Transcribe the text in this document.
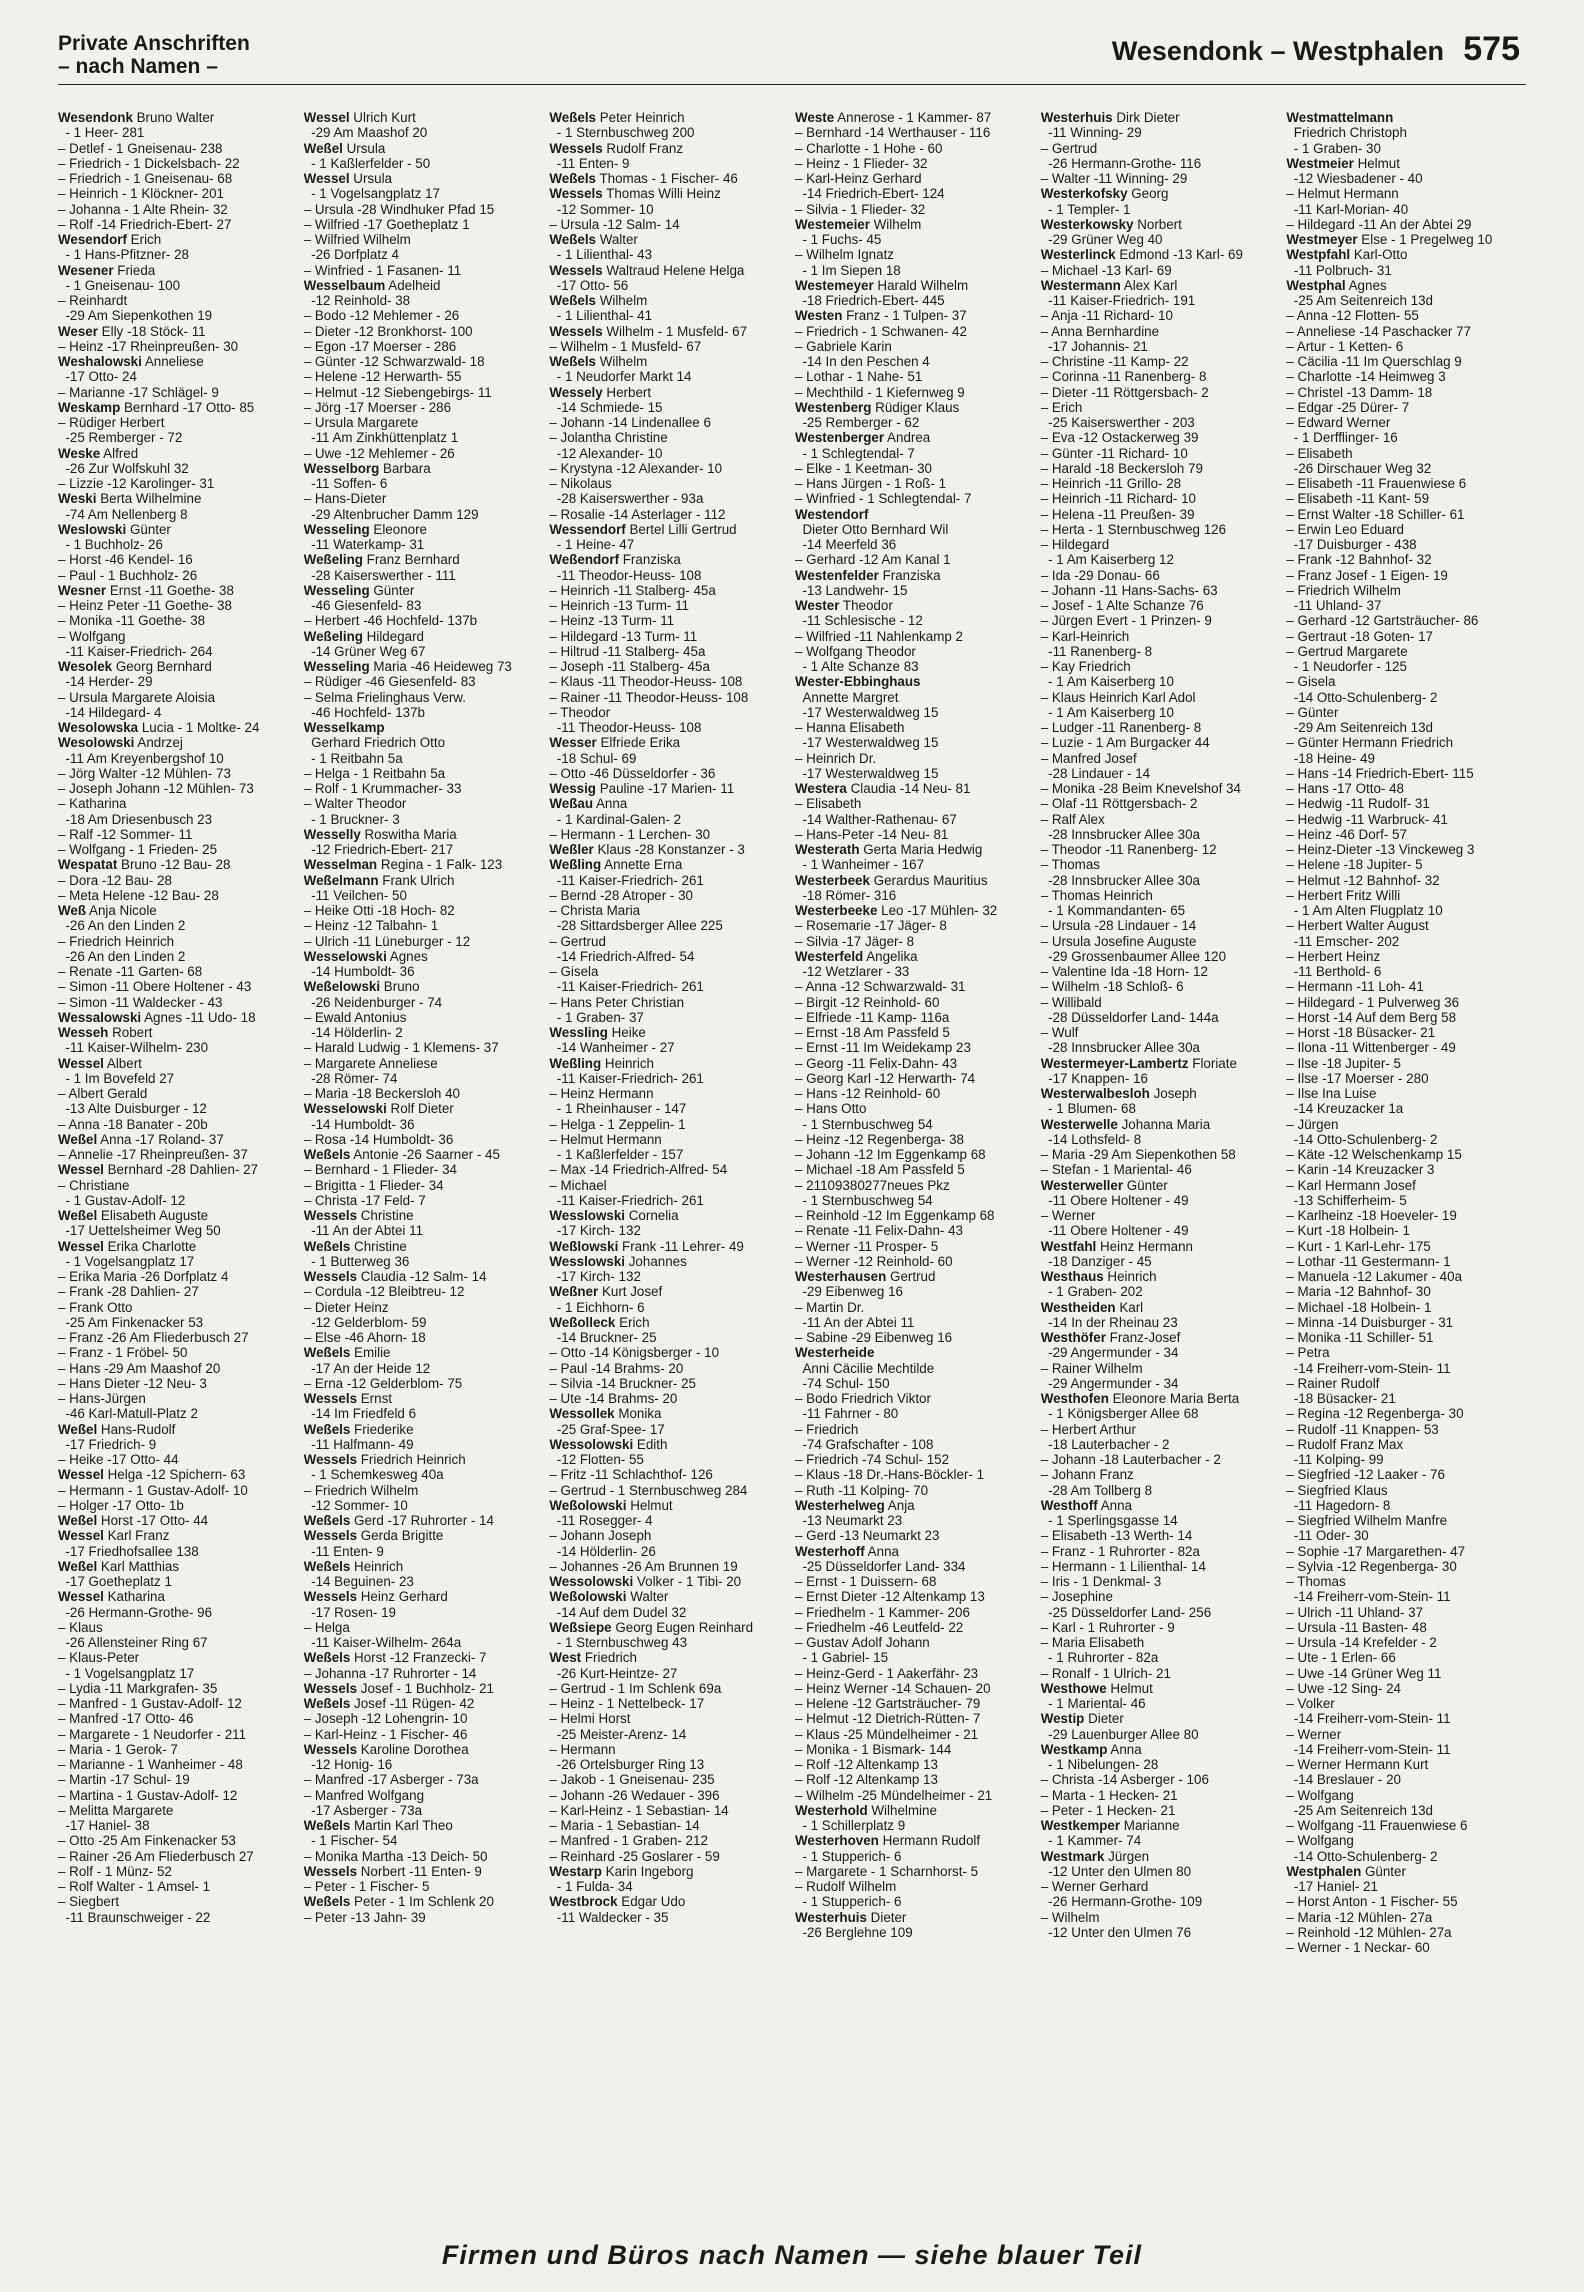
Private Anschriften
– nach Namen –
Wesendonk – Westphalen 575
Wesendonk Bruno Walter
- 1 Heer- 281
– Detlef - 1 Gneisenau- 238
– Friedrich - 1 Dickelsbach- 22
– Friedrich - 1 Gneisenau- 68
– Heinrich - 1 Klöckner- 201
– Johanna - 1 Alte Rhein- 32
– Rolf -14 Friedrich-Ebert- 27
Wesendorf Erich
- 1 Hans-Pfitzner- 28
Wesener Frieda
- 1 Gneisenau- 100
– Reinhardt
-29 Am Siepenkothen 19
Weser Elly -18 Stöck- 11
– Heinz -17 Rheinpreußen- 30
Weshalowski Anneliese
-17 Otto- 24
– Marianne -17 Schlägel- 9
Weskamp Bernhard -17 Otto- 85
– Rüdiger Herbert
-25 Remberger - 72
Weske Alfred
-26 Zur Wolfskuhl 32
– Lizzie -12 Karolinger- 31
Weski Berta Wilhelmine
-74 Am Nellenberg 8
Weslowski Günter
- 1 Buchholz- 26
– Horst -46 Kendel- 16
– Paul - 1 Buchholz- 26
Wesner Ernst -11 Goethe- 38
– Heinz Peter -11 Goethe- 38
– Monika -11 Goethe- 38
– Wolfgang
-11 Kaiser-Friedrich- 264
Wesolek Georg Bernhard
-14 Herder- 29
– Ursula Margarete Aloisia
-14 Hildegard- 4
Wesolowska Lucia - 1 Moltke- 24
Wesolowski Andrzej
-11 Am Kreyenbergshof 10
– Jörg Walter -12 Mühlen- 73
– Joseph Johann -12 Mühlen- 73
– Katharina
-18 Am Driesenbusch 23
– Ralf -12 Sommer- 11
– Wolfgang - 1 Frieden- 25
Wespatat Bruno -12 Bau- 28
– Dora -12 Bau- 28
– Meta Helene -12 Bau- 28
Weß Anja Nicole
-26 An den Linden 2
– Friedrich Heinrich
-26 An den Linden 2
– Renate -11 Garten- 68
– Simon -11 Obere Holtener - 43
– Simon -11 Waldecker - 43
Wessalowski Agnes -11 Udo- 18
Wesseh Robert
-11 Kaiser-Wilhelm- 230
Wessel Albert
- 1 Im Bovefeld 27
– Albert Gerald
-13 Alte Duisburger - 12
– Anna -18 Banater - 20b
Weßel Anna -17 Roland- 37
– Annelie -17 Rheinpreußen- 37
Wessel Bernhard -28 Dahlien- 27
– Christiane
- 1 Gustav-Adolf- 12
Weßel Elisabeth Auguste
-17 Uettelsheimer Weg 50
Wessel Erika Charlotte
- 1 Vogelsangplatz 17
– Erika Maria -26 Dorfplatz 4
– Frank -28 Dahlien- 27
– Frank Otto
-25 Am Finkenacker 53
– Franz -26 Am Fliederbusch 27
– Franz - 1 Fröbel- 50
– Hans -29 Am Maashof 20
– Hans Dieter -12 Neu- 3
– Hans-Jürgen
-46 Karl-Matull-Platz 2
Weßel Hans-Rudolf
-17 Friedrich- 9
– Heike -17 Otto- 44
Wessel Helga -12 Spichern- 63
– Hermann - 1 Gustav-Adolf- 10
– Holger -17 Otto- 1b
Weßel Horst -17 Otto- 44
Wessel Karl Franz
-17 Friedhofsallee 138
Weßel Karl Matthias
-17 Goetheplatz 1
Wessel Katharina
-26 Hermann-Grothe- 96
– Klaus
-26 Allensteiner Ring 67
– Klaus-Peter
- 1 Vogelsangplatz 17
– Lydia -11 Markgrafen- 35
– Manfred - 1 Gustav-Adolf- 12
– Manfred -17 Otto- 46
– Margarete - 1 Neudorfer - 211
– Maria - 1 Gerok- 7
– Marianne - 1 Wanheimer - 48
– Martin -17 Schul- 19
– Martina - 1 Gustav-Adolf- 12
– Melitta Margarete
-17 Haniel- 38
– Otto -25 Am Finkenacker 53
– Rainer -26 Am Fliederbusch 27
– Rolf - 1 Münz- 52
– Rolf Walter - 1 Amsel- 1
– Siegbert
-11 Braunschweiger - 22
Wessel Ulrich Kurt
-29 Am Maashof 20
Weßel Ursula
- 1 Kaßlerfelder - 50
Wessel Ursula
- 1 Vogelsangplatz 17
– Ursula -28 Windhuker Pfad 15
– Wilfried -17 Goetheplatz 1
– Wilfried Wilhelm
-26 Dorfplatz 4
– Winfried - 1 Fasanen- 11
Wesselbaum Adelheid
-12 Reinhold- 38
– Bodo -12 Mehlemer - 26
– Dieter -12 Bronkhorst- 100
– Egon -17 Moerser - 286
– Günter -12 Schwarzwald- 18
– Helene -12 Herwarth- 55
– Helmut -12 Siebengebirgs- 11
– Jörg -17 Moerser - 286
– Ursula Margarete
-11 Am Zinkhüttenplatz 1
– Uwe -12 Mehlemer - 26
Wesselborg Barbara
-11 Soffen- 6
– Hans-Dieter
-29 Altenbrucher Damm 129
Wesseling Eleonore
-11 Waterkamp- 31
Weßeling Franz Bernhard
-28 Kaiserswerther - 111
Wesseling Günter
-46 Giesenfeld- 83
– Herbert -46 Hochfeld- 137b
Weßeling Hildegard
-14 Grüner Weg 67
Wesseling Maria -46 Heideweg 73
– Rüdiger -46 Giesenfeld- 83
– Selma Frielinghaus Verw.
-46 Hochfeld- 137b
Wesselkamp
Gerhard Friedrich Otto
- 1 Reitbahn 5a
– Helga - 1 Reitbahn 5a
– Rolf - 1 Krummacher- 33
– Walter Theodor
- 1 Bruckner- 3
Wesselly Roswitha Maria
-12 Friedrich-Ebert- 217
Wesselman Regina - 1 Falk- 123
Weßelmann Frank Ulrich
-11 Veilchen- 50
– Heike Otti -18 Hoch- 82
– Heinz -12 Talbahn- 1
– Ulrich -11 Lüneburger - 12
Wesselowski Agnes
-14 Humboldt- 36
Weßelowski Bruno
-26 Neidenburger - 74
– Ewald Antonius
-14 Hölderlin- 2
– Harald Ludwig - 1 Klemens- 37
– Margarete Anneliese
-28 Römer- 74
– Maria -18 Beckersloh 40
Wesselowski Rolf Dieter
-14 Humboldt- 36
– Rosa -14 Humboldt- 36
Weßels Antonie -26 Saarner - 45
– Bernhard - 1 Flieder- 34
– Brigitta - 1 Flieder- 34
– Christa -17 Feld- 7
Wessels Christine
-11 An der Abtei 11
Weßels Christine
- 1 Butterweg 36
Wessels Claudia -12 Salm- 14
– Cordula -12 Bleibtreu- 12
– Dieter Heinz
-12 Gelderblom- 59
– Else -46 Ahorn- 18
Weßels Emilie
-17 An der Heide 12
– Erna -12 Gelderblom- 75
Wessels Ernst
-14 Im Friedfeld 6
Weßels Friederike
-11 Halfmann- 49
Wessels Friedrich Heinrich
- 1 Schemkesweg 40a
– Friedrich Wilhelm
-12 Sommer- 10
Weßels Gerd -17 Ruhrorter - 14
Wessels Gerda Brigitte
-11 Enten- 9
Weßels Heinrich
-14 Beguinen- 23
Wessels Heinz Gerhard
-17 Rosen- 19
– Helga
-11 Kaiser-Wilhelm- 264a
Weßels Horst -12 Franzecki- 7
– Johanna -17 Ruhrorter - 14
Wessels Josef - 1 Buchholz- 21
Weßels Josef -11 Rügen- 42
– Joseph -12 Lohengrin- 10
– Karl-Heinz - 1 Fischer- 46
Wessels Karoline Dorothea
-12 Honig- 16
– Manfred -17 Asberger - 73a
– Manfred Wolfgang
-17 Asberger - 73a
Weßels Martin Karl Theo
- 1 Fischer- 54
– Monika Martha -13 Deich- 50
Wessels Norbert -11 Enten- 9
– Peter - 1 Fischer- 5
Weßels Peter - 1 Im Schlenk 20
– Peter -13 Jahn- 39
Weßels Peter Heinrich
- 1 Sternbuschweg 200
Wessels Rudolf Franz
-11 Enten- 9
Weßels Thomas - 1 Fischer- 46
Wessels Thomas Willi Heinz
-12 Sommer- 10
– Ursula -12 Salm- 14
Weßels Walter
- 1 Lilienthal- 43
Wessels Waltraud Helene Helga
-17 Otto- 56
Weßels Wilhelm
- 1 Lilienthal- 41
Wessels Wilhelm - 1 Musfeld- 67
– Wilhelm - 1 Musfeld- 67
Weßels Wilhelm
- 1 Neudorfer Markt 14
Wessely Herbert
-14 Schmiede- 15
– Johann -14 Lindenallee 6
– Jolantha Christine
-12 Alexander- 10
– Krystyna -12 Alexander- 10
– Nikolaus
-28 Kaiserswerther - 93a
– Rosalie -14 Asterlager - 112
Wessendorf Bertel Lilli Gertrud
- 1 Heine- 47
Weßendorf Franziska
-11 Theodor-Heuss- 108
– Heinrich -11 Stalberg- 45a
– Heinrich -13 Turm- 11
– Heinz -13 Turm- 11
– Hildegard -13 Turm- 11
– Hiltrud -11 Stalberg- 45a
– Joseph -11 Stalberg- 45a
– Klaus -11 Theodor-Heuss- 108
– Rainer -11 Theodor-Heuss- 108
– Theodor
-11 Theodor-Heuss- 108
Wesser Elfriede Erika
-18 Schul- 69
– Otto -46 Düsseldorfer - 36
Wessig Pauline -17 Marien- 11
Weßau Anna
- 1 Kardinal-Galen- 2
– Hermann - 1 Lerchen- 30
Weßler Klaus -28 Konstanzer - 3
Weßling Annette Erna
-11 Kaiser-Friedrich- 261
– Bernd -28 Atroper - 30
– Christa Maria
-28 Sittardsberger Allee 225
– Gertrud
-14 Friedrich-Alfred- 54
– Gisela
-11 Kaiser-Friedrich- 261
– Hans Peter Christian
- 1 Graben- 37
Wessling Heike
-14 Wanheimer - 27
Weßling Heinrich
-11 Kaiser-Friedrich- 261
– Heinz Hermann
- 1 Rheinhauser - 147
– Helga - 1 Zeppelin- 1
– Helmut Hermann
- 1 Kaßlerfelder - 157
– Max -14 Friedrich-Alfred- 54
– Michael
-11 Kaiser-Friedrich- 261
Wesslowski Cornelia
-17 Kirch- 132
Weßlowski Frank -11 Lehrer- 49
Wesslowski Johannes
-17 Kirch- 132
Weßner Kurt Josef
- 1 Eichhorn- 6
Weßolleck Erich
-14 Bruckner- 25
– Otto -14 Königsberger - 10
– Paul -14 Brahms- 20
– Silvia -14 Bruckner- 25
– Ute -14 Brahms- 20
Wessollek Monika
-25 Graf-Spee- 17
Wessolowski Edith
-12 Flotten- 55
– Fritz -11 Schlachthof- 126
– Gertrud - 1 Sternbuschweg 284
Weßolowski Helmut
-11 Rosegger- 4
– Johann Joseph
-14 Hölderlin- 26
– Johannes -26 Am Brunnen 19
Wessolowski Volker - 1 Tibi- 20
Weßolowski Walter
-14 Auf dem Dudel 32
Weßsiepe Georg Eugen Reinhard
- 1 Sternbuschweg 43
West Friedrich
-26 Kurt-Heintze- 27
– Gertrud - 1 Im Schlenk 69a
– Heinz - 1 Nettelbeck- 17
– Helmi Horst
-25 Meister-Arenz- 14
– Hermann
-26 Ortelsburger Ring 13
– Jakob - 1 Gneisenau- 235
– Johann -26 Wedauer - 396
– Karl-Heinz - 1 Sebastian- 14
– Maria - 1 Sebastian- 14
– Manfred - 1 Graben- 212
– Reinhard -25 Goslarer - 59
Westarp Karin Ingeborg
- 1 Fulda- 34
Westbrock Edgar Udo
-11 Waldecker - 35
Weste Annerose - 1 Kammer- 87
– Bernhard -14 Werthauser - 116
– Charlotte - 1 Hohe - 60
– Heinz - 1 Flieder- 32
– Karl-Heinz Gerhard
-14 Friedrich-Ebert- 124
– Silvia - 1 Flieder- 32
Westemeier Wilhelm
- 1 Fuchs- 45
– Wilhelm Ignatz
- 1 Im Siepen 18
Westemeyer Harald Wilhelm
-18 Friedrich-Ebert- 445
Westen Franz - 1 Tulpen- 37
– Friedrich - 1 Schwanen- 42
– Gabriele Karin
-14 In den Peschen 4
– Lothar - 1 Nahe- 51
– Mechthild - 1 Kiefernweg 9
Westenberg Rüdiger Klaus
-25 Remberger - 62
Westenberger Andrea
- 1 Schlegtendal- 7
– Elke - 1 Keetman- 30
– Hans Jürgen - 1 Roß- 1
– Winfried - 1 Schlegtendal- 7
Westendorf
Dieter Otto Bernhard Wil
-14 Meerfeld 36
– Gerhard -12 Am Kanal 1
Westenfelder Franziska
-13 Landwehr- 15
Wester Theodor
-11 Schlesische - 12
– Wilfried -11 Nahlenkamp 2
– Wolfgang Theodor
- 1 Alte Schanze 83
Wester-Ebbinghaus
Annette Margret
-17 Westerwaldweg 15
– Hanna Elisabeth
-17 Westerwaldweg 15
– Heinrich Dr.
-17 Westerwaldweg 15
Westera Claudia -14 Neu- 81
– Elisabeth
-14 Walther-Rathenau- 67
– Hans-Peter -14 Neu- 81
Westerath Gerta Maria Hedwig
- 1 Wanheimer - 167
Westerbeek Gerardus Mauritius
-18 Römer- 316
Westerbeeke Leo -17 Mühlen- 32
– Rosemarie -17 Jäger- 8
– Silvia -17 Jäger- 8
Westerfeld Angelika
-12 Wetzlarer - 33
– Anna -12 Schwarzwald- 31
– Birgit -12 Reinhold- 60
– Elfriede -11 Kamp- 116a
– Ernst -18 Am Passfeld 5
– Ernst -11 Im Weidekamp 23
– Georg -11 Felix-Dahn- 43
– Georg Karl -12 Herwarth- 74
– Hans -12 Reinhold- 60
– Hans Otto
- 1 Sternbuschweg 54
– Heinz -12 Regenberga- 38
– Johann -12 Im Eggenkamp 68
– Michael -18 Am Passfeld 5
– 21109380277neues Pkz
- 1 Sternbuschweg 54
– Reinhold -12 Im Eggenkamp 68
– Renate -11 Felix-Dahn- 43
– Werner -11 Prosper- 5
– Werner -12 Reinhold- 60
Westerhausen Gertrud
-29 Eibenweg 16
– Martin Dr.
-11 An der Abtei 11
– Sabine -29 Eibenweg 16
Westerheide
Anni Cäcilie Mechtilde
-74 Schul- 150
– Bodo Friedrich Viktor
-11 Fahrner - 80
– Friedrich
-74 Grafschafter - 108
– Friedrich -74 Schul- 152
– Klaus -18 Dr.-Hans-Böckler- 1
– Ruth -11 Kolping- 70
Westerhelweg Anja
-13 Neumarkt 23
– Gerd -13 Neumarkt 23
Westerhoff Anna
-25 Düsseldorfer Land- 334
– Ernst - 1 Duissern- 68
– Ernst Dieter -12 Altenkamp 13
– Friedhelm - 1 Kammer- 206
– Friedhelm -46 Leutfeld- 22
– Gustav Adolf Johann
- 1 Gabriel- 15
– Heinz-Gerd - 1 Aakerfähr- 23
– Heinz Werner -14 Schauen- 20
– Helene -12 Gartsträucher- 79
– Helmut -12 Dietrich-Rütten- 7
– Klaus -25 Mündelheimer - 21
– Monika - 1 Bismark- 144
– Rolf -12 Altenkamp 13
– Rolf -12 Altenkamp 13
– Wilhelm -25 Mündelheimer - 21
Westerhold Wilhelmine
- 1 Schillerplatz 9
Westerhoven Hermann Rudolf
- 1 Stupperich- 6
– Margarete - 1 Scharnhorst- 5
– Rudolf Wilhelm
- 1 Stupperich- 6
Westerhuis Dieter
-26 Berglehne 109
Westerhuis Dirk Dieter
-11 Winning- 29
– Gertrud
-26 Hermann-Grothe- 116
– Walter -11 Winning- 29
Westerkofsky Georg
- 1 Templer- 1
Westerkowsky Norbert
-29 Grüner Weg 40
Westerlinck Edmond -13 Karl- 69
– Michael -13 Karl- 69
Westermann Alex Karl
-11 Kaiser-Friedrich- 191
– Anja -11 Richard- 10
– Anna Bernhardine
-17 Johannis- 21
– Christine -11 Kamp- 22
– Corinna -11 Ranenberg- 8
– Dieter -11 Röttgersbach- 2
– Erich
-25 Kaiserswerther - 203
– Eva -12 Ostackerweg 39
– Günter -11 Richard- 10
– Harald -18 Beckersloh 79
– Heinrich -11 Grillo- 28
– Heinrich -11 Richard- 10
– Helena -11 Preußen- 39
– Herta - 1 Sternbuschweg 126
– Hildegard
- 1 Am Kaiserberg 12
– Ida -29 Donau- 66
– Johann -11 Hans-Sachs- 63
– Josef - 1 Alte Schanze 76
– Jürgen Evert - 1 Prinzen- 9
– Karl-Heinrich
-11 Ranenberg- 8
– Kay Friedrich
- 1 Am Kaiserberg 10
– Klaus Heinrich Karl Adol
- 1 Am Kaiserberg 10
– Ludger -11 Ranenberg- 8
– Luzie - 1 Am Burgacker 44
– Manfred Josef
-28 Lindauer - 14
– Monika -28 Beim Knevelshof 34
– Olaf -11 Röttgersbach- 2
– Ralf Alex
-28 Innsbrucker Allee 30a
– Theodor -11 Ranenberg- 12
– Thomas
-28 Innsbrucker Allee 30a
– Thomas Heinrich
- 1 Kommandanten- 65
– Ursula -28 Lindauer - 14
– Ursula Josefine Auguste
-29 Grossenbaumer Allee 120
– Valentine Ida -18 Horn- 12
– Wilhelm -18 Schloß- 6
– Willibald
-28 Düsseldorfer Land- 144a
– Wulf
-28 Innsbrucker Allee 30a
Westermeyer-Lambertz Floriate
-17 Knappen- 16
Westerwalbesloh Joseph
- 1 Blumen- 68
Westerwelle Johanna Maria
-14 Lothsfeld- 8
– Maria -29 Am Siepenkothen 58
– Stefan - 1 Mariental- 46
Westerweller Günter
-11 Obere Holtener - 49
– Werner
-11 Obere Holtener - 49
Westfahl Heinz Hermann
-18 Danziger - 45
Westhaus Heinrich
- 1 Graben- 202
Westheiden Karl
-14 In der Rheinau 23
Westhöfer Franz-Josef
-29 Angermunder - 34
– Rainer Wilhelm
-29 Angermunder - 34
Westhofen Eleonore Maria Berta
- 1 Königsberger Allee 68
– Herbert Arthur
-18 Lauterbacher - 2
– Johann -18 Lauterbacher - 2
– Johann Franz
-28 Am Tollberg 8
Westhoff Anna
- 1 Sperlingsgasse 14
– Elisabeth -13 Werth- 14
– Franz - 1 Ruhrorter - 82a
– Hermann - 1 Lilienthal- 14
– Iris - 1 Denkmal- 3
– Josephine
-25 Düsseldorfer Land- 256
– Karl - 1 Ruhrorter - 9
– Maria Elisabeth
- 1 Ruhrorter - 82a
– Ronalf - 1 Ulrich- 21
Westhowe Helmut
- 1 Mariental- 46
Westip Dieter
-29 Lauenburger Allee 80
Westkamp Anna
- 1 Nibelungen- 28
– Christa -14 Asberger - 106
– Marta - 1 Hecken- 21
– Peter - 1 Hecken- 21
Westkemper Marianne
- 1 Kammer- 74
Westmark Jürgen
-12 Unter den Ulmen 80
– Werner Gerhard
-26 Hermann-Grothe- 109
– Wilhelm
-12 Unter den Ulmen 76
Westmattelmann
Friedrich Christoph
- 1 Graben- 30
Westmeier Helmut
-12 Wiesbadener - 40
– Helmut Hermann
-11 Karl-Morian- 40
– Hildegard -11 An der Abtei 29
Westmeyer Else - 1 Pregelweg 10
Westpfahl Karl-Otto
-11 Polbruch- 31
Westphal Agnes
-25 Am Seitenreich 13d
– Anna -12 Flotten- 55
– Anneliese -14 Paschacker 77
– Artur - 1 Ketten- 6
– Cäcilia -11 Im Querschlag 9
– Charlotte -14 Heimweg 3
– Christel -13 Damm- 18
– Edgar -25 Dürer- 7
– Edward Werner
- 1 Derfflinger- 16
– Elisabeth
-26 Dirschauer Weg 32
– Elisabeth -11 Frauenwiese 6
– Elisabeth -11 Kant- 59
– Ernst Walter -18 Schiller- 61
– Erwin Leo Eduard
-17 Duisburger - 438
– Frank -12 Bahnhof- 32
– Franz Josef - 1 Eigen- 19
– Friedrich Wilhelm
-11 Uhland- 37
– Gerhard -12 Gartsträucher- 86
– Gertraut -18 Goten- 17
– Gertrud Margarete
- 1 Neudorfer - 125
– Gisela
-14 Otto-Schulenberg- 2
– Günter
-29 Am Seitenreich 13d
– Günter Hermann Friedrich
-18 Heine- 49
– Hans -14 Friedrich-Ebert- 115
– Hans -17 Otto- 48
– Hedwig -11 Rudolf- 31
– Hedwig -11 Warbruck- 41
– Heinz -46 Dorf- 57
– Heinz-Dieter -13 Vinckeweg 3
– Helene -18 Jupiter- 5
– Helmut -12 Bahnhof- 32
– Herbert Fritz Willi
- 1 Am Alten Flugplatz 10
– Herbert Walter August
-11 Emscher- 202
– Herbert Heinz
-11 Berthold- 6
– Hermann -11 Loh- 41
– Hildegard - 1 Pulverweg 36
– Horst -14 Auf dem Berg 58
– Horst -18 Büsacker- 21
– Ilona -11 Wittenberger - 49
– Ilse -18 Jupiter- 5
– Ilse -17 Moerser - 280
– Ilse Ina Luise
-14 Kreuzacker 1a
– Jürgen
-14 Otto-Schulenberg- 2
– Käte -12 Welschenkamp 15
– Karin -14 Kreuzacker 3
– Karl Hermann Josef
-13 Schifferheim- 5
– Karlheinz -18 Hoeveler- 19
– Kurt -18 Holbein- 1
– Kurt - 1 Karl-Lehr- 175
– Lothar -11 Gestermann- 1
– Manuela -12 Lakumer - 40a
– Maria -12 Bahnhof- 30
– Michael -18 Holbein- 1
– Minna -14 Duisburger - 31
– Monika -11 Schiller- 51
– Petra
-14 Freiherr-vom-Stein- 11
– Rainer Rudolf
-18 Büsacker- 21
– Regina -12 Regenberga- 30
– Rudolf -11 Knappen- 53
– Rudolf Franz Max
-11 Kolping- 99
– Siegfried -12 Laaker - 76
– Siegfried Klaus
-11 Hagedorn- 8
– Siegfried Wilhelm Manfre
-11 Oder- 30
– Sophie -17 Margarethen- 47
– Sylvia -12 Regenberga- 30
– Thomas
-14 Freiherr-vom-Stein- 11
– Ulrich -11 Uhland- 37
– Ursula -11 Basten- 48
– Ursula -14 Krefelder - 2
– Ute - 1 Erlen- 66
– Uwe -14 Grüner Weg 11
– Uwe -12 Sing- 24
– Volker
-14 Freiherr-vom-Stein- 11
– Werner
-14 Freiherr-vom-Stein- 11
– Werner Hermann Kurt
-14 Breslauer - 20
– Wolfgang
-25 Am Seitenreich 13d
– Wolfgang -11 Frauenwiese 6
– Wolfgang
-14 Otto-Schulenberg- 2
Westphalen Günter
-17 Haniel- 21
– Horst Anton - 1 Fischer- 55
– Maria -12 Mühlen- 27a
– Reinhold -12 Mühlen- 27a
– Werner - 1 Neckar- 60
Firmen und Büros nach Namen — siehe blauer Teil
